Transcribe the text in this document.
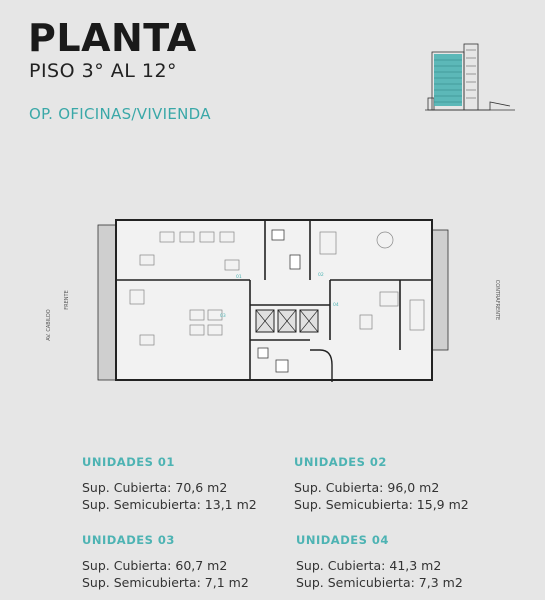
PLANTA
PISO 3° AL 12°
OP. OFICINAS/VIVIENDA
AV. CABILDO
FRENTE	CONTRAFRENTE
01	02
03
04
UNIDADES 01
Sup. Cubierta: 70,6 m2
Sup. Semicubierta: 13,1 m2
UNIDADES 02
Sup. Cubierta: 96,0 m2
Sup. Semicubierta: 15,9 m2
UNIDADES 03
Sup. Cubierta: 60,7 m2
Sup. Semicubierta: 7,1 m2
UNIDADES 04
Sup. Cubierta: 41,3 m2
Sup. Semicubierta: 7,3 m2
